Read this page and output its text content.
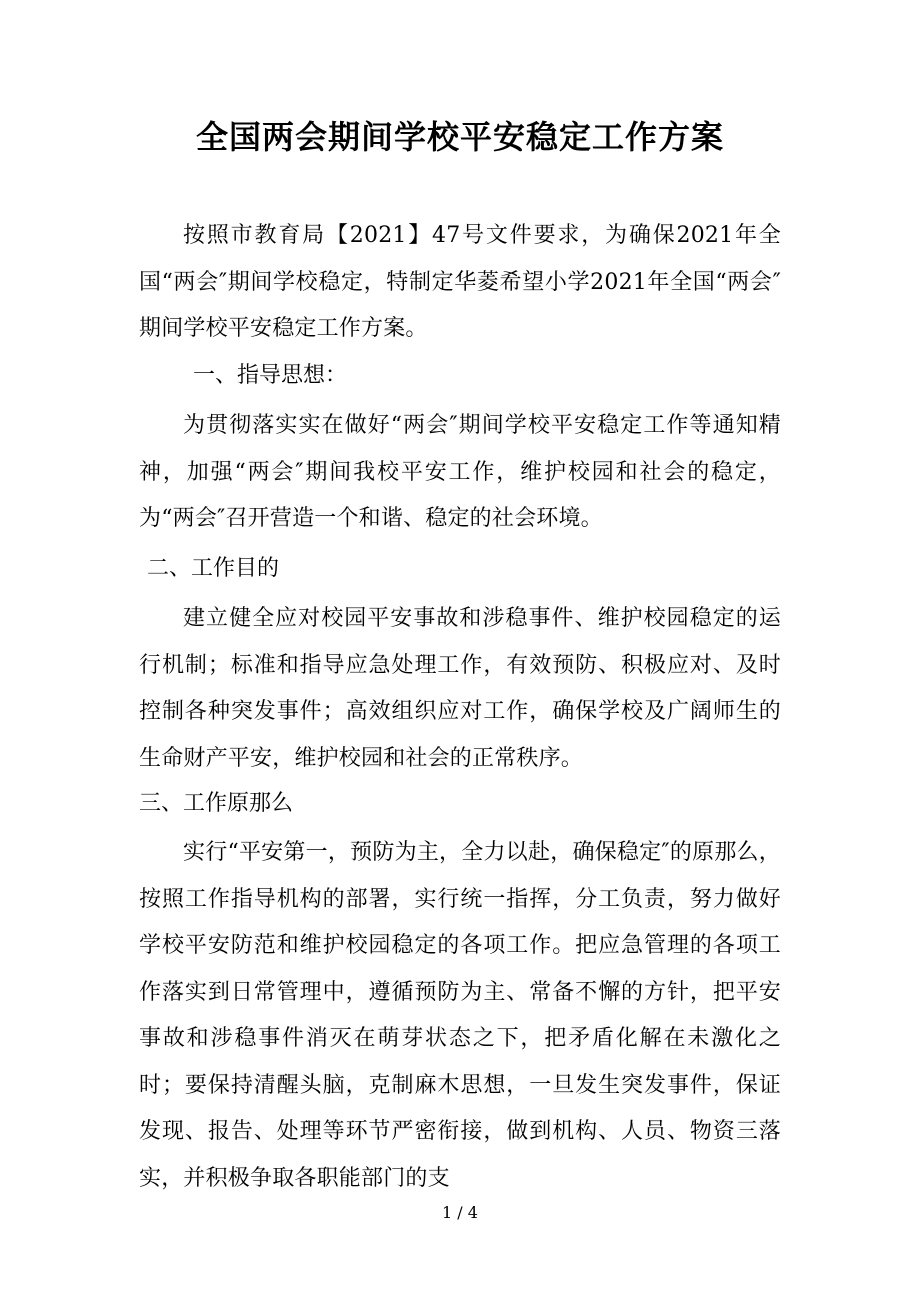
全国两会期间学校平安稳定工作方案

按照市教育局【2021】47号文件要求，为确保2021年全国“两会″期间学校稳定，特制定华菱希望小学2021年全国“两会″期间学校平安稳定工作方案。

一、指导思想：

为贯彻落实实在做好“两会″期间学校平安稳定工作等通知精神，加强“两会″期间我校平安工作，维护校园和社会的稳定，为“两会″召开营造一个和谐、稳定的社会环境。

二、工作目的

建立健全应对校园平安事故和涉稳事件、维护校园稳定的运行机制；标准和指导应急处理工作，有效预防、积极应对、及时控制各种突发事件；高效组织应对工作，确保学校及广阔师生的生命财产平安，维护校园和社会的正常秩序。

三、工作原那么

实行“平安第一，预防为主，全力以赴，确保稳定″的原那么，按照工作指导机构的部署，实行统一指挥，分工负责，努力做好学校平安防范和维护校园稳定的各项工作。把应急管理的各项工作落实到日常管理中，遵循预防为主、常备不懈的方针，把平安事故和涉稳事件消灭在萌芽状态之下，把矛盾化解在未激化之时；要保持清醒头脑，克制麻木思想，一旦发生突发事件，保证发现、报告、处理等环节严密衔接，做到机构、人员、物资三落实，并积极争取各职能部门的支

1 / 4
